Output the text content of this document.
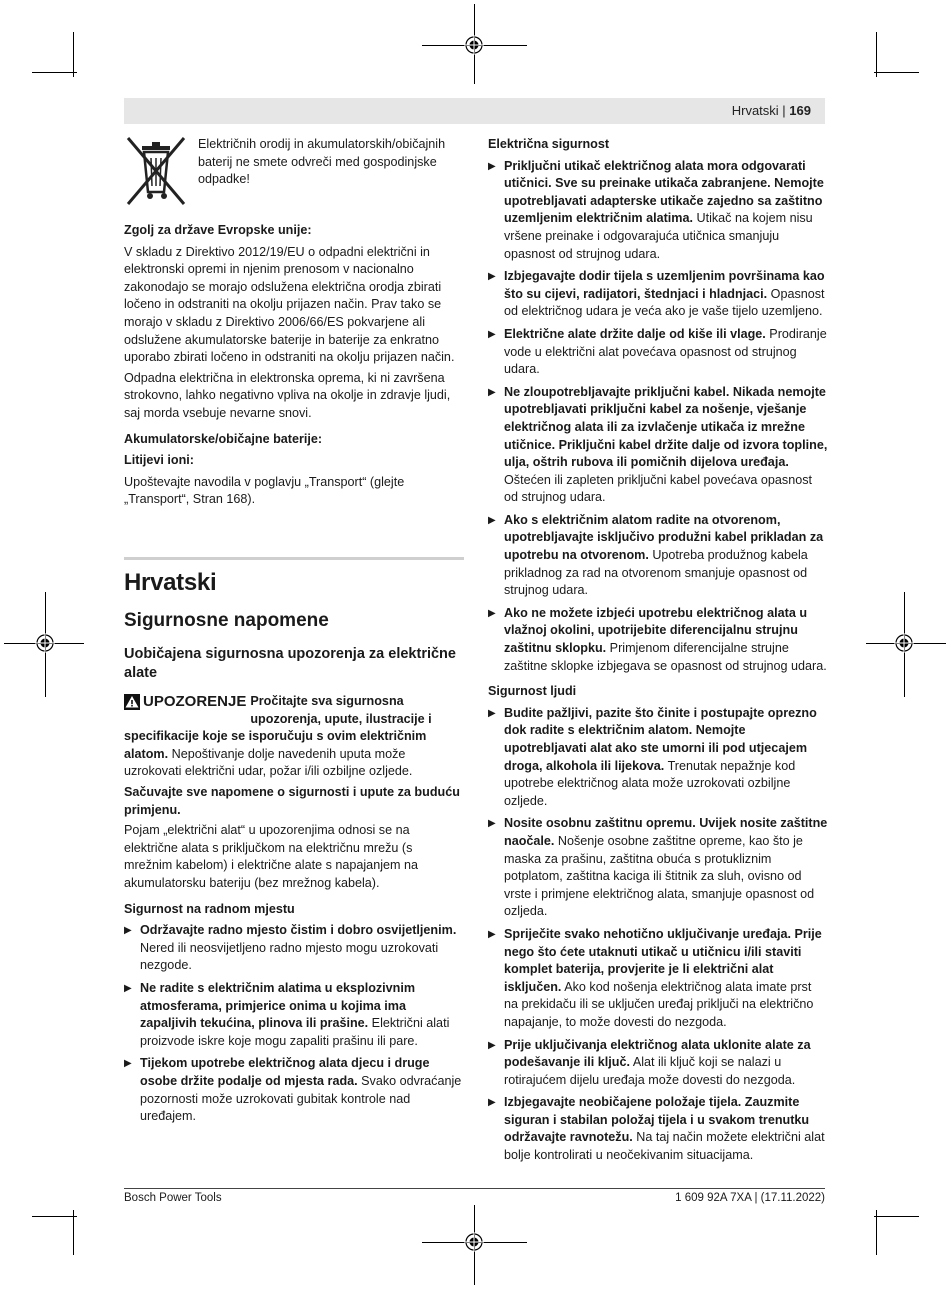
Hrvatski | 169
Električnih orodij in akumulatorskih/običajnih baterij ne smete odvreči med gospodinjske odpadke!

Zgolj za države Evropske unije:

V skladu z Direktivo 2012/19/EU o odpadni električni in elektronski opremi in njenim prenosom v nacionalno zakonodajo se morajo odslužena električna orodja zbirati ločeno in odstraniti na okolju prijazen način. Prav tako se morajo v skladu z Direktivo 2006/66/ES pokvarjene ali odslužene akumulatorske baterije in baterije za enkratno uporabo zbirati ločeno in odstraniti na okolju prijazen način.

Odpadna električna in elektronska oprema, ki ni završena strokovno, lahko negativno vpliva na okolje in zdravje ljudi, saj morda vsebuje nevarne snovi.

Akumulatorske/običajne baterije:

Litijevi ioni:

Upoštevajte navodila v poglavju „Transport“ (glejte „Transport“, Stran 168).

Hrvatski
Sigurnosne napomene
Uobičajena sigurnosna upozorenja za električne alate
UPOZORENJE Pročitajte sva sigurnosna upozorenja, upute, ilustracije i

specifikacije koje se isporučuju s ovim električnim alatom. Nepoštivanje dolje navedenih uputa može uzrokovati električni udar, požar i/ili ozbiljne ozljede.

Sačuvajte sve napomene o sigurnosti i upute za buduću primjenu.

Pojam „električni alat“ u upozorenjima odnosi se na električne alata s priključkom na električnu mrežu (s mrežnim kabelom) i električne alate s napajanjem na akumulatorsku bateriju (bez mrežnog kabela).

Sigurnost na radnom mjestu

▶ Održavajte radno mjesto čistim i dobro osvijetljenim. Nered ili neosvijetljeno radno mjesto mogu uzrokovati nezgode.
▶ Ne radite s električnim alatima u eksplozivnim atmosferama, primjerice onima u kojima ima zapaljivih tekućina, plinova ili prašine. Električni alati proizvode iskre koje mogu zapaliti prašinu ili pare.
▶ Tijekom upotrebe električnog alata djecu i druge osobe držite podalje od mjesta rada. Svako odvraćanje pozornosti može uzrokovati gubitak kontrole nad uređajem.

Električna sigurnost

▶ Priključni utikač električnog alata mora odgovarati utičnici. Sve su preinake utikača zabranjene. Nemojte upotrebljavati adapterske utikače zajedno sa zaštitno uzemljenim električnim alatima. Utikač na kojem nisu vršene preinake i odgovarajuća utičnica smanjuju opasnost od strujnog udara.
▶ Izbjegavajte dodir tijela s uzemljenim površinama kao što su cijevi, radijatori, štednjaci i hladnjaci. Opasnost od električnog udara je veća ako je vaše tijelo uzemljeno.
▶ Električne alate držite dalje od kiše ili vlage. Prodiranje vode u električni alat povećava opasnost od strujnog udara.
▶ Ne zloupotrebljavajte priključni kabel. Nikada nemojte upotrebljavati priključni kabel za nošenje, vješanje električnog alata ili za izvlačenje utikača iz mrežne utičnice. Priključni kabel držite dalje od izvora topline, ulja, oštrih rubova ili pomičnih dijelova uređaja. Oštećen ili zapleten priključni kabel povećava opasnost od strujnog udara.
▶ Ako s električnim alatom radite na otvorenom, upotrebljavajte isključivo produžni kabel prikladan za upotrebu na otvorenom. Upotreba produžnog kabela prikladnog za rad na otvorenom smanjuje opasnost od strujnog udara.
▶ Ako ne možete izbjeći upotrebu električnog alata u vlažnoj okolini, upotrijebite diferencijalnu strujnu zaštitnu sklopku. Primjenom diferencijalne strujne zaštitne sklopke izbjegava se opasnost od strujnog udara.

Sigurnost ljudi

▶ Budite pažljivi, pazite što činite i postupajte oprezno dok radite s električnim alatom. Nemojte upotrebljavati alat ako ste umorni ili pod utjecajem droga, alkohola ili lijekova. Trenutak nepažnje kod upotrebe električnog alata može uzrokovati ozbiljne ozljede.
▶ Nosite osobnu zaštitnu opremu. Uvijek nosite zaštitne naočale. Nošenje osobne zaštitne opreme, kao što je maska za prašinu, zaštitna obuća s protukliznim potplatom, zaštitna kaciga ili štitnik za sluh, ovisno od vrste i primjene električnog alata, smanjuje opasnost od ozljeda.
▶ Spriječite svako nehotično uključivanje uređaja. Prije nego što ćete utaknuti utikač u utičnicu i/ili staviti komplet baterija, provjerite je li električni alat isključen. Ako kod nošenja električnog alata imate prst na prekidaču ili se uključen uređaj priključi na električno napajanje, to može dovesti do nezgoda.
▶ Prije uključivanja električnog alata uklonite alate za podešavanje ili ključ. Alat ili ključ koji se nalazi u rotirajućem dijelu uređaja može dovesti do nezgoda.
▶ Izbjegavajte neobičajene položaje tijela. Zauzmite siguran i stabilan položaj tijela i u svakom trenutku održavajte ravnotežu. Na taj način možete električni alat bolje kontrolirati u neočekivanim situacijama.
Bosch Power Tools	1 609 92A 7XA | (17.11.2022)
